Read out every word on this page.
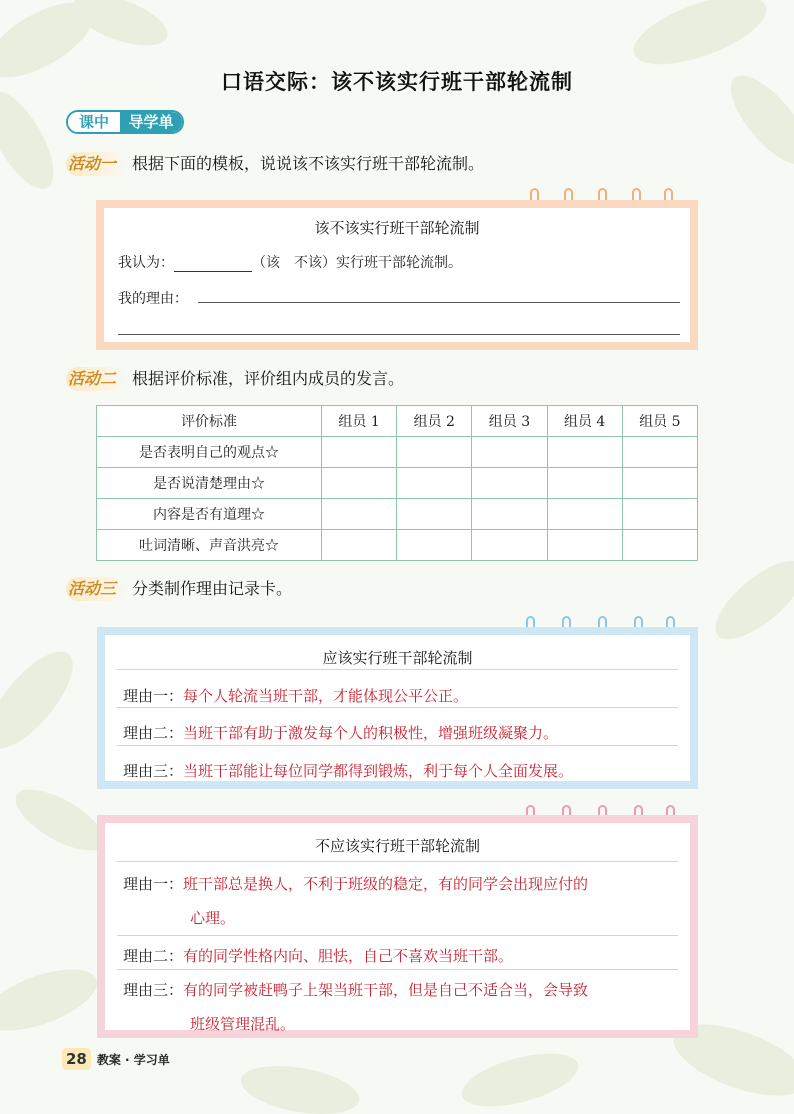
口语交际：该不该实行班干部轮流制
课中	导学单
活动一 根据下面的模板，说说该不该实行班干部轮流制。
该不该实行班干部轮流制
我认为：	（该　不该）实行班干部轮流制。
我的理由：
活动二 根据评价标准，评价组内成员的发言。
评价标准	组员 1	组员 2	组员 3	组员 4	组员 5
是否表明自己的观点☆					
是否说清楚理由☆					
内容是否有道理☆					
吐词清晰、声音洪亮☆					
活动三 分类制作理由记录卡。
应该实行班干部轮流制
理由一：每个人轮流当班干部，才能体现公平公正。
理由二：当班干部有助于激发每个人的积极性，增强班级凝聚力。
理由三：当班干部能让每位同学都得到锻炼，利于每个人全面发展。
不应该实行班干部轮流制
理由一：班干部总是换人，不利于班级的稳定，有的同学会出现应付的
心理。
理由二：有的同学性格内向、胆怯，自己不喜欢当班干部。
理由三：有的同学被赶鸭子上架当班干部，但是自己不适合当，会导致
班级管理混乱。
28 教案 · 学习单
